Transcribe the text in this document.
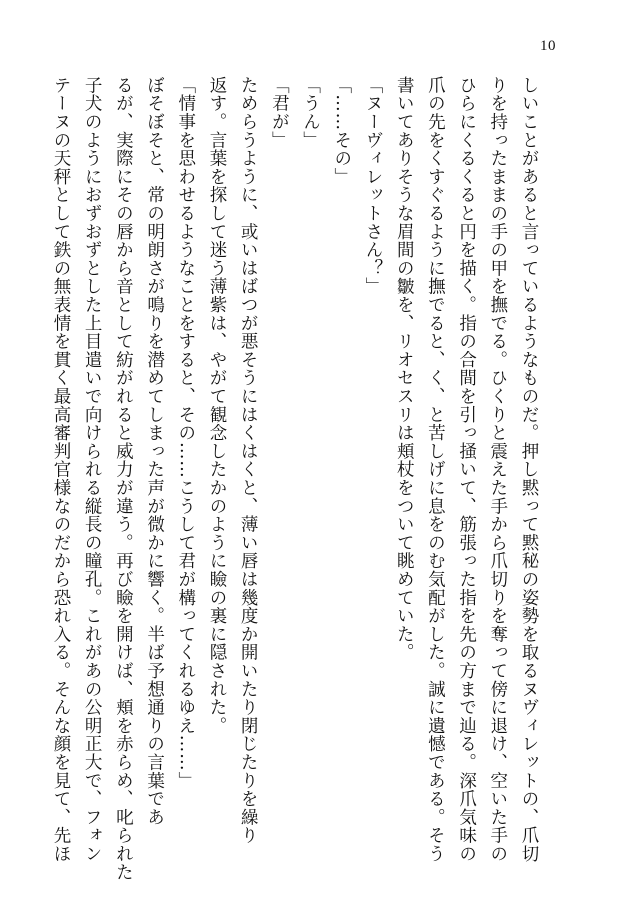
10

しいことがあると言っているようなものだ。押し黙って黙秘の姿勢を取るヌヴィレットの、爪切

りを持ったままの手の甲を撫でる。ひくりと震えた手から爪切りを奪って傍に退け、空いた手の

ひらにくるくると円を描く。指の合間を引っ掻いて、筋張った指を先の方まで辿る。深爪気味の

爪の先をくすぐるように撫でると、く、と苦しげに息をのむ気配がした。誠に遺憾である。そう

書いてありそうな眉間の皺を、リオセスリは頬杖をついて眺めていた。

「ヌーヴィレットさん？」

「……その」

「うん」

「君が」

ためらうように、或いはばつが悪そうにはくはくと、薄い唇は幾度か開いたり閉じたりを繰り

返す。言葉を探して迷う薄紫は、やがて観念したかのように瞼の裏に隠された。

「情事を思わせるようなことをすると、その……こうして君が構ってくれるゆえ……」

ぼそぼそと、常の明朗さが鳴りを潜めてしまった声が微かに響く。半ば予想通りの言葉であ

るが、実際にその唇から音として紡がれると威力が違う。再び瞼を開けば、頬を赤らめ、叱られた

子犬のようにおずおずとした上目遣いで向けられる縦長の瞳孔。これがあの公明正大で、フォン

テーヌの天秤として鉄の無表情を貫く最高審判官様なのだから恐れ入る。そんな顔を見て、先ほ
